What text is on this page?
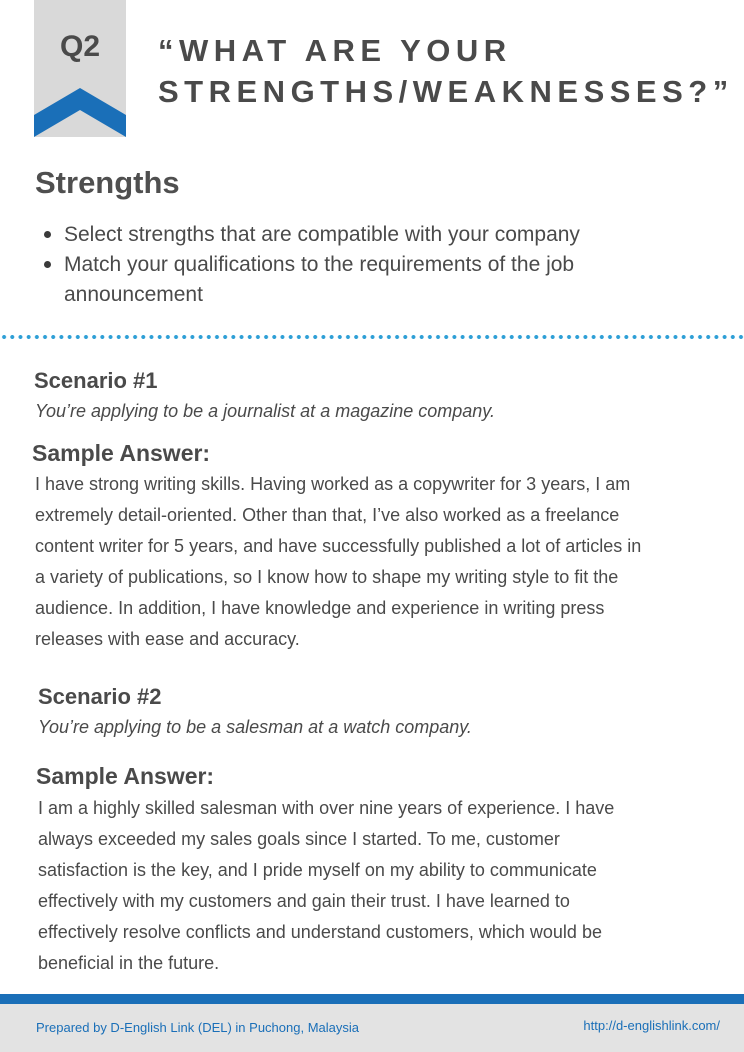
Q2	“WHAT ARE YOUR
STRENGTHS/WEAKNESSES?”
Strengths
Select strengths that are compatible with your company
Match your qualifications to the requirements of the job announcement
Scenario #1
You’re applying to be a journalist at a magazine company.
Sample Answer:
I have strong writing skills. Having worked as a copywriter for 3 years, I am
extremely detail-oriented. Other than that, I’ve also worked as a freelance
content writer for 5 years, and have successfully published a lot of articles in
a variety of publications, so I know how to shape my writing style to fit the
audience. In addition, I have knowledge and experience in writing press
releases with ease and accuracy.
Scenario #2
You’re applying to be a salesman at a watch company.
Sample Answer:
I am a highly skilled salesman with over nine years of experience. I have
always exceeded my sales goals since I started. To me, customer
satisfaction is the key, and I pride myself on my ability to communicate
effectively with my customers and gain their trust. I have learned to
effectively resolve conflicts and understand customers, which would be
beneficial in the future.
Prepared by D-English Link (DEL) in Puchong, Malaysia	http://d-englishlink.com/
